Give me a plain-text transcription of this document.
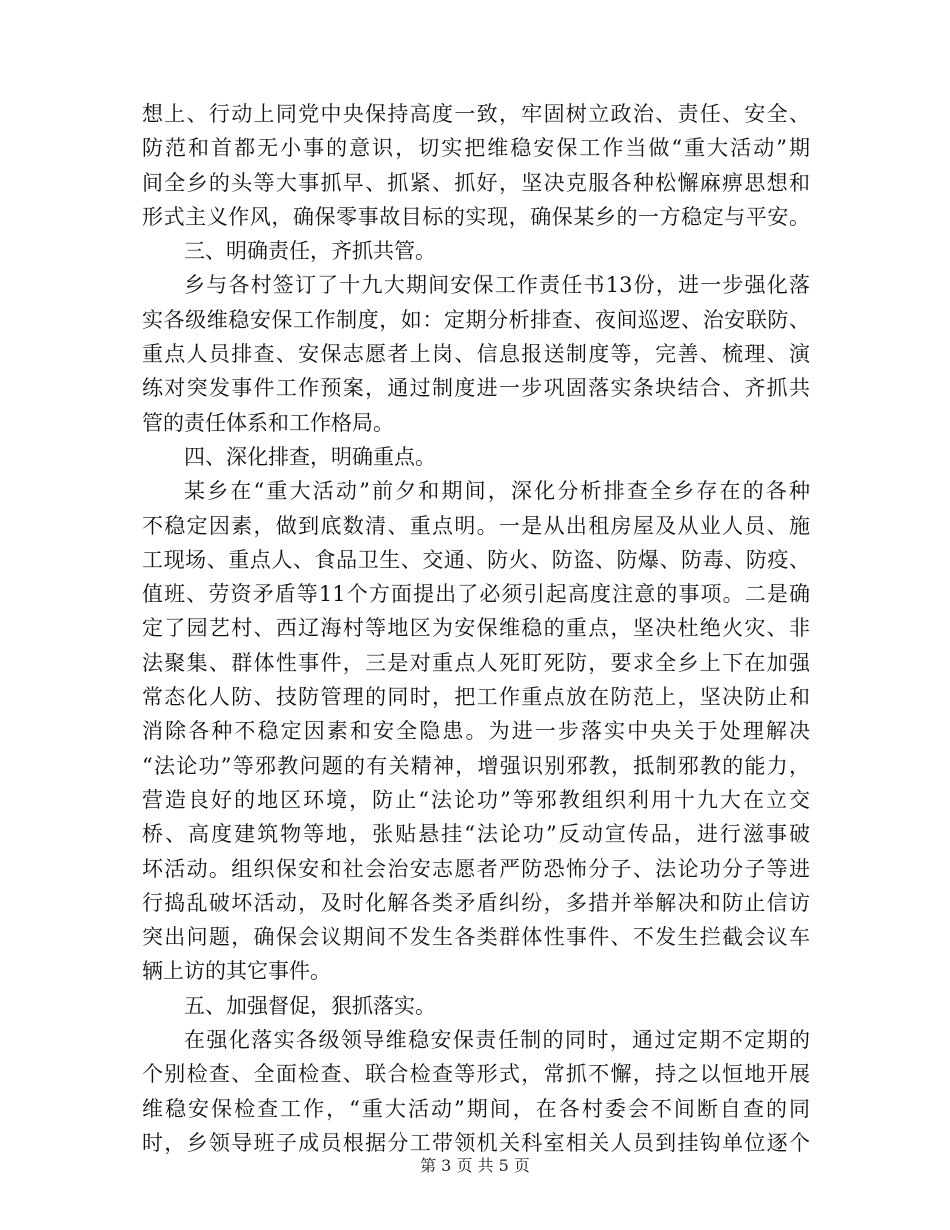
想上、行动上同党中央保持高度一致，牢固树立政治、责任、安全、
防范和首都无小事的意识，切实把维稳安保工作当做“重大活动”期
间全乡的头等大事抓早、抓紧、抓好，坚决克服各种松懈麻痹思想和
形式主义作风，确保零事故目标的实现，确保某乡的一方稳定与平安。
三、明确责任，齐抓共管。
乡与各村签订了十九大期间安保工作责任书13份，进一步强化落
实各级维稳安保工作制度，如：定期分析排查、夜间巡逻、治安联防、
重点人员排查、安保志愿者上岗、信息报送制度等，完善、梳理、演
练对突发事件工作预案，通过制度进一步巩固落实条块结合、齐抓共
管的责任体系和工作格局。
四、深化排查，明确重点。
某乡在“重大活动”前夕和期间，深化分析排查全乡存在的各种
不稳定因素，做到底数清、重点明。一是从出租房屋及从业人员、施
工现场、重点人、食品卫生、交通、防火、防盗、防爆、防毒、防疫、
值班、劳资矛盾等11个方面提出了必须引起高度注意的事项。二是确
定了园艺村、西辽海村等地区为安保维稳的重点，坚决杜绝火灾、非
法聚集、群体性事件，三是对重点人死盯死防，要求全乡上下在加强
常态化人防、技防管理的同时，把工作重点放在防范上，坚决防止和
消除各种不稳定因素和安全隐患。为进一步落实中央关于处理解决
“法论功”等邪教问题的有关精神，增强识别邪教，抵制邪教的能力，
营造良好的地区环境，防止“法论功”等邪教组织利用十九大在立交
桥、高度建筑物等地，张贴悬挂“法论功”反动宣传品，进行滋事破
坏活动。组织保安和社会治安志愿者严防恐怖分子、法论功分子等进
行捣乱破坏活动，及时化解各类矛盾纠纷，多措并举解决和防止信访
突出问题，确保会议期间不发生各类群体性事件、不发生拦截会议车
辆上访的其它事件。
五、加强督促，狠抓落实。
在强化落实各级领导维稳安保责任制的同时，通过定期不定期的
个别检查、全面检查、联合检查等形式，常抓不懈，持之以恒地开展
维稳安保检查工作，“重大活动”期间，在各村委会不间断自查的同
时，乡领导班子成员根据分工带领机关科室相关人员到挂钩单位逐个
第 3 页 共 5 页
